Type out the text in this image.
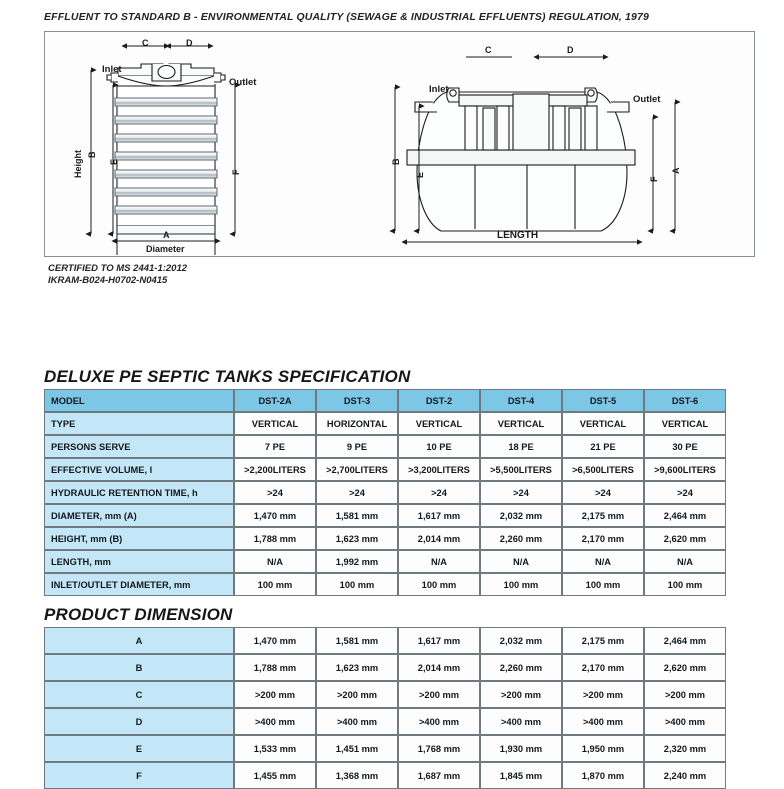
EFFLUENT TO STANDARD B - ENVIRONMENTAL QUALITY (SEWAGE & INDUSTRIAL EFFLUENTS) REGULATION, 1979
C	D
Inlet
Outlet
Height B
E
F
A
Diameter
C	D
Inlet
Outlet
B
E
F
A
LENGTH
CERTIFIED TO MS 2441-1:2012
IKRAM-B024-H0702-N0415
DELUXE PE SEPTIC TANKS SPECIFICATION
MODEL	DST-2A	DST-3	DST-2	DST-4	DST-5	DST-6
TYPE	VERTICAL	HORIZONTAL	VERTICAL	VERTICAL	VERTICAL	VERTICAL
PERSONS SERVE	7 PE	9 PE	10 PE	18 PE	21 PE	30 PE
EFFECTIVE VOLUME, l	>2,200LITERS	>2,700LITERS	>3,200LITERS	>5,500LITERS	>6,500LITERS	>9,600LITERS
HYDRAULIC RETENTION TIME, h	>24	>24	>24	>24	>24	>24
DIAMETER, mm (A)	1,470 mm	1,581 mm	1,617 mm	2,032 mm	2,175 mm	2,464 mm
HEIGHT, mm (B)	1,788 mm	1,623 mm	2,014 mm	2,260 mm	2,170 mm	2,620 mm
LENGTH, mm	N/A	1,992 mm	N/A	N/A	N/A	N/A
INLET/OUTLET DIAMETER, mm	100 mm	100 mm	100 mm	100 mm	100 mm	100 mm
PRODUCT DIMENSION
A	1,470 mm	1,581 mm	1,617 mm	2,032 mm	2,175 mm	2,464 mm
B	1,788 mm	1,623 mm	2,014 mm	2,260 mm	2,170 mm	2,620 mm
C	>200 mm	>200 mm	>200 mm	>200 mm	>200 mm	>200 mm
D	>400 mm	>400 mm	>400 mm	>400 mm	>400 mm	>400 mm
E	1,533 mm	1,451 mm	1,768 mm	1,930 mm	1,950 mm	2,320 mm
F	1,455 mm	1,368 mm	1,687 mm	1,845 mm	1,870 mm	2,240 mm
